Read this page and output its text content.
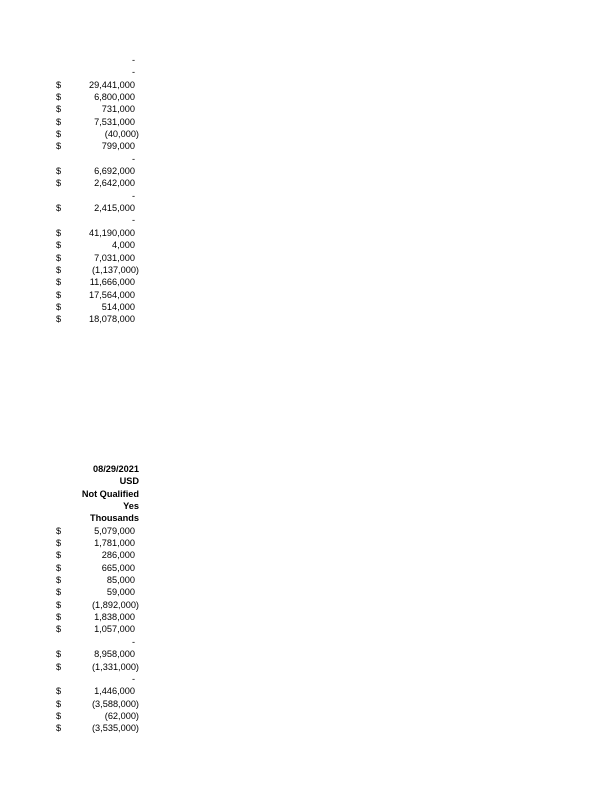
-
-
$	29,441,000
$	6,800,000
$	731,000
$	7,531,000
$	(40,000)
$	799,000
-
$	6,692,000
$	2,642,000
-
$	2,415,000
-
$	41,190,000
$	4,000
$	7,031,000
$	(1,137,000)
$	11,666,000
$	17,564,000
$	514,000
$	18,078,000
08/29/2021
USD
Not Qualified
Yes
Thousands
$	5,079,000
$	1,781,000
$	286,000
$	665,000
$	85,000
$	59,000
$	(1,892,000)
$	1,838,000
$	1,057,000
-
$	8,958,000
$	(1,331,000)
-
$	1,446,000
$	(3,588,000)
$	(62,000)
$	(3,535,000)
